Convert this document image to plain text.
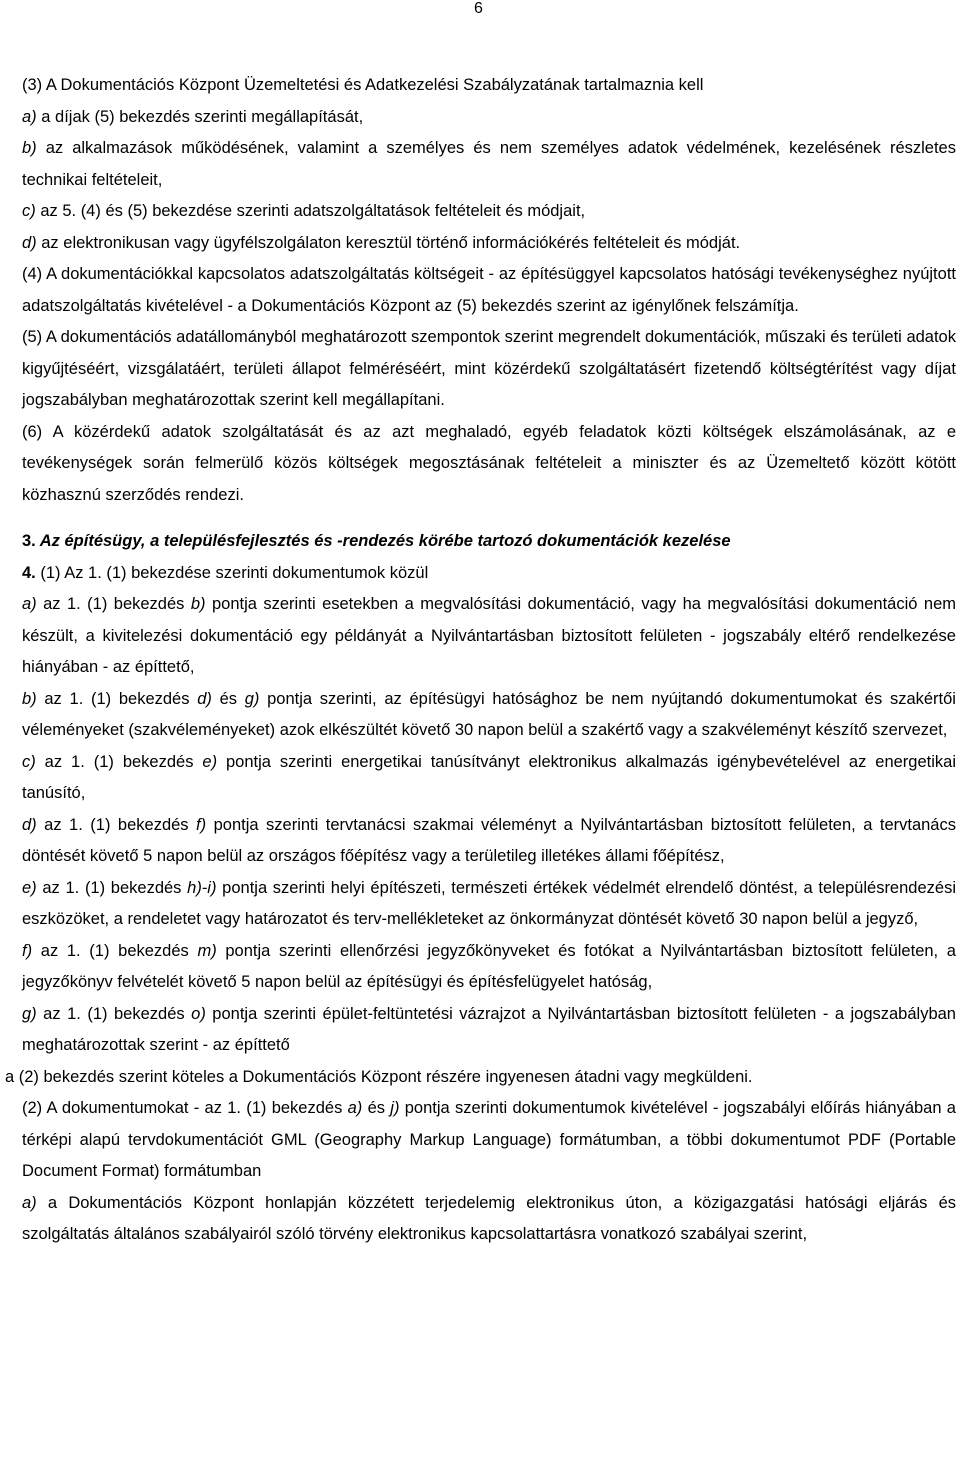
6

(3) A Dokumentációs Központ Üzemeltetési és Adatkezelési Szabályzatának tartalmaznia kell

a) a díjak (5) bekezdés szerinti megállapítását,

b) az alkalmazások működésének, valamint a személyes és nem személyes adatok védelmének, kezelésének részletes technikai feltételeit,

c) az 5. (4) és (5) bekezdése szerinti adatszolgáltatások feltételeit és módjait,

d) az elektronikusan vagy ügyfélszolgálaton keresztül történő információkérés feltételeit és módját.

(4) A dokumentációkkal kapcsolatos adatszolgáltatás költségeit - az építésüggyel kapcsolatos hatósági tevékenységhez nyújtott adatszolgáltatás kivételével - a Dokumentációs Központ az (5) bekezdés szerint az igénylőnek felszámítja.

(5) A dokumentációs adatállományból meghatározott szempontok szerint megrendelt dokumentációk, műszaki és területi adatok kigyűjtéséért, vizsgálatáért, területi állapot felméréséért, mint közérdekű szolgáltatásért fizetendő költségtérítést vagy díjat jogszabályban meghatározottak szerint kell megállapítani.

(6) A közérdekű adatok szolgáltatását és az azt meghaladó, egyéb feladatok közti költségek elszámolásának, az e tevékenységek során felmerülő közös költségek megosztásának feltételeit a miniszter és az Üzemeltető között kötött közhasznú szerződés rendezi.

3. Az építésügy, a településfejlesztés és -rendezés körébe tartozó dokumentációk kezelése

4. (1) Az 1. (1) bekezdése szerinti dokumentumok közül

a) az 1. (1) bekezdés b) pontja szerinti esetekben a megvalósítási dokumentáció, vagy ha megvalósítási dokumentáció nem készült, a kivitelezési dokumentáció egy példányát a Nyilvántartásban biztosított felületen - jogszabály eltérő rendelkezése hiányában - az építtető,

b) az 1. (1) bekezdés d) és g) pontja szerinti, az építésügyi hatósághoz be nem nyújtandó dokumentumokat és szakértői véleményeket (szakvéleményeket) azok elkészültét követő 30 napon belül a szakértő vagy a szakvéleményt készítő szervezet,

c) az 1. (1) bekezdés e) pontja szerinti energetikai tanúsítványt elektronikus alkalmazás igénybevételével az energetikai tanúsító,

d) az 1. (1) bekezdés f) pontja szerinti tervtanácsi szakmai véleményt a Nyilvántartásban biztosított felületen, a tervtanács döntését követő 5 napon belül az országos főépítész vagy a területileg illetékes állami főépítész,

e) az 1. (1) bekezdés h)-i) pontja szerinti helyi építészeti, természeti értékek védelmét elrendelő döntést, a településrendezési eszközöket, a rendeletet vagy határozatot és terv-mellékleteket az önkormányzat döntését követő 30 napon belül a jegyző,

f) az 1. (1) bekezdés m) pontja szerinti ellenőrzési jegyzőkönyveket és fotókat a Nyilvántartásban biztosított felületen, a jegyzőkönyv felvételét követő 5 napon belül az építésügyi és építésfelügyelet hatóság,

g) az 1. (1) bekezdés o) pontja szerinti épület-feltüntetési vázrajzot a Nyilvántartásban biztosított felületen - a jogszabályban meghatározottak szerint - az építtető

a (2) bekezdés szerint köteles a Dokumentációs Központ részére ingyenesen átadni vagy megküldeni.

(2) A dokumentumokat - az 1. (1) bekezdés a) és j) pontja szerinti dokumentumok kivételével - jogszabályi előírás hiányában a térképi alapú tervdokumentációt GML (Geography Markup Language) formátumban, a többi dokumentumot PDF (Portable Document Format) formátumban

a) a Dokumentációs Központ honlapján közzétett terjedelemig elektronikus úton, a közigazgatási hatósági eljárás és szolgáltatás általános szabályairól szóló törvény elektronikus kapcsolattartásra vonatkozó szabályai szerint,
